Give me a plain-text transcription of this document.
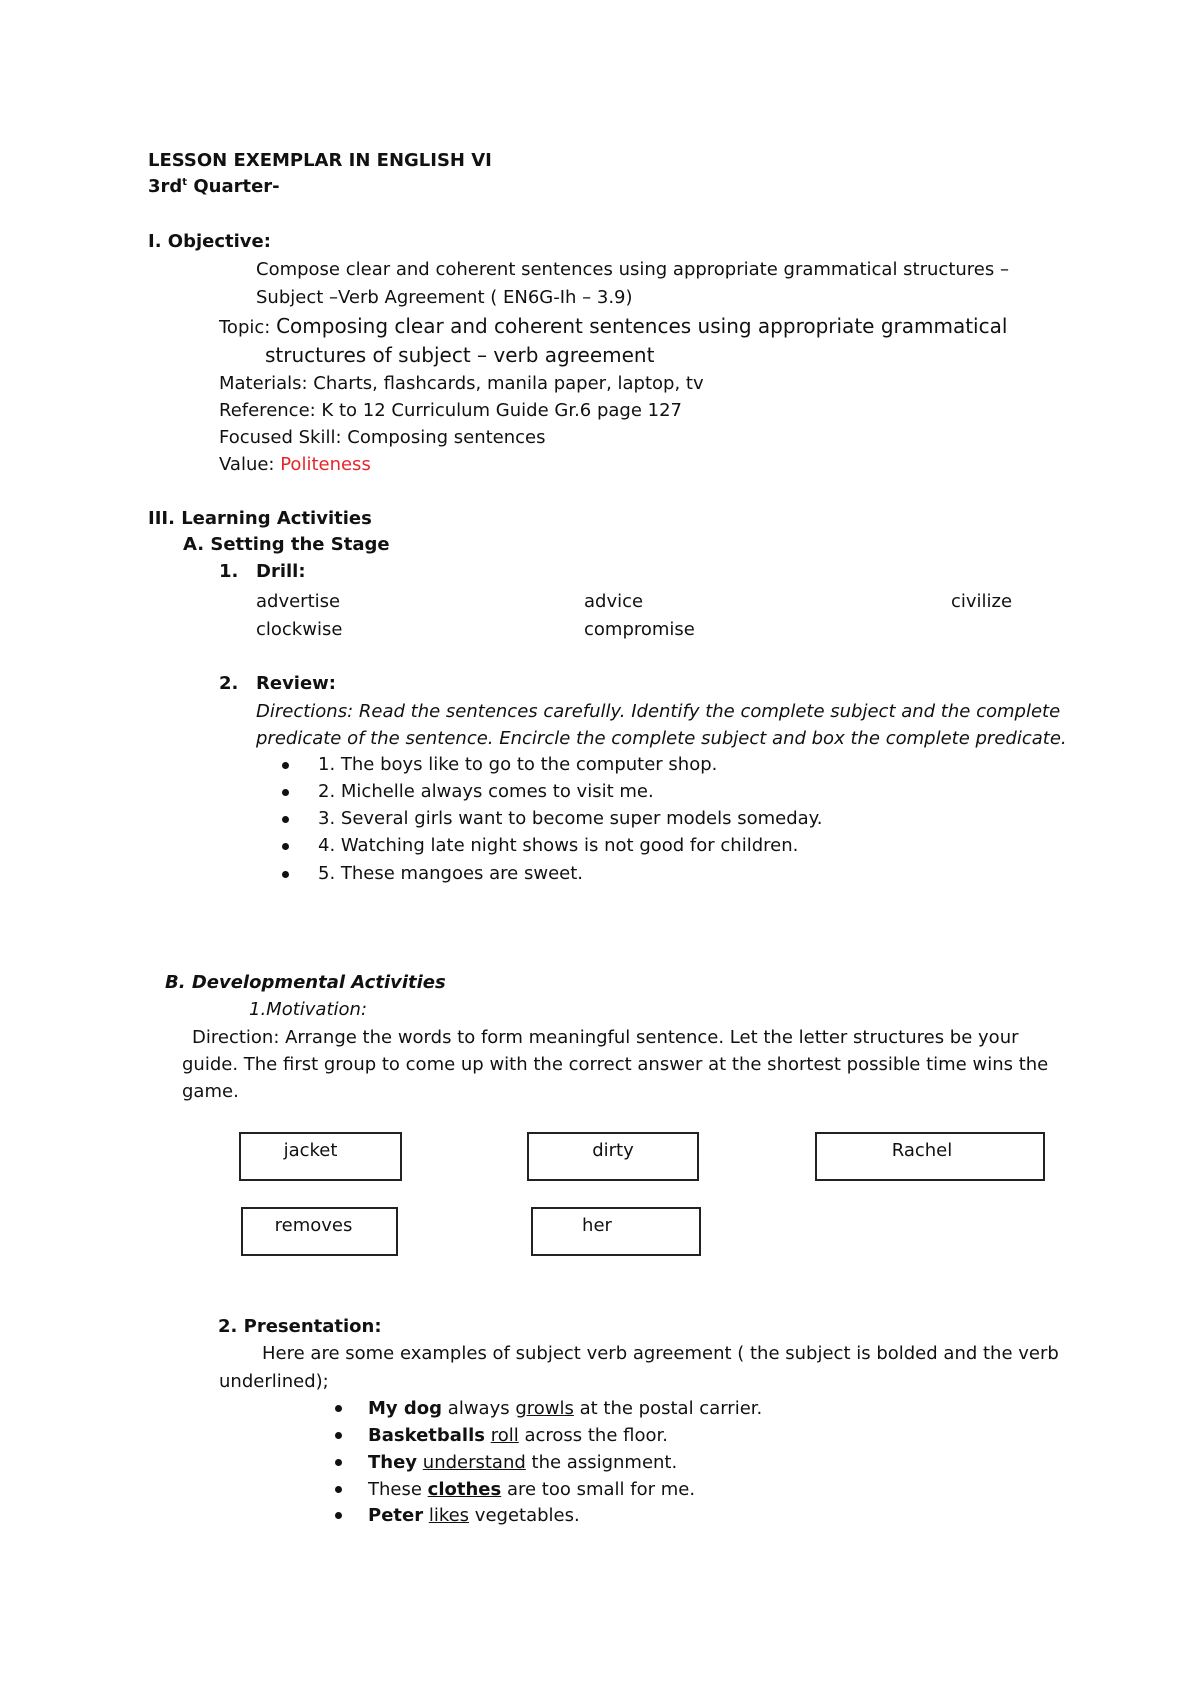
LESSON EXEMPLAR IN ENGLISH VI
$3rd^t$ Quarter-
I. Objective:
Compose clear and coherent sentences using appropriate grammatical structures –
Subject –Verb Agreement ( EN6G-Ih – 3.9)
Topic: Composing clear and coherent sentences using appropriate grammatical
structures of subject – verb agreement
Materials: Charts, flashcards, manila paper, laptop, tv
Reference: K to 12 Curriculum Guide Gr.6 page 127
Focused Skill: Composing sentences
Value: Politeness
III. Learning Activities
A. Setting the Stage
1. Drill:
advertise	advice	civilize
clockwise	compromise
2. Review:
Directions: Read the sentences carefully. Identify the complete subject and the complete
predicate of the sentence. Encircle the complete subject and box the complete predicate.
1. The boys like to go to the computer shop.
2. Michelle always comes to visit me.
3. Several girls want to become super models someday.
4. Watching late night shows is not good for children.
5. These mangoes are sweet.
B. Developmental Activities
1.Motivation:
Direction: Arrange the words to form meaningful sentence. Let the letter structures be your
guide. The first group to come up with the correct answer at the shortest possible time wins the
game.
jacket	dirty	Rachel
removes	her
2. Presentation:
Here are some examples of subject verb agreement ( the subject is bolded and the verb
underlined);
My dog always growls at the postal carrier.
Basketballs roll across the floor.
They understand the assignment.
These clothes are too small for me.
Peter likes vegetables.
